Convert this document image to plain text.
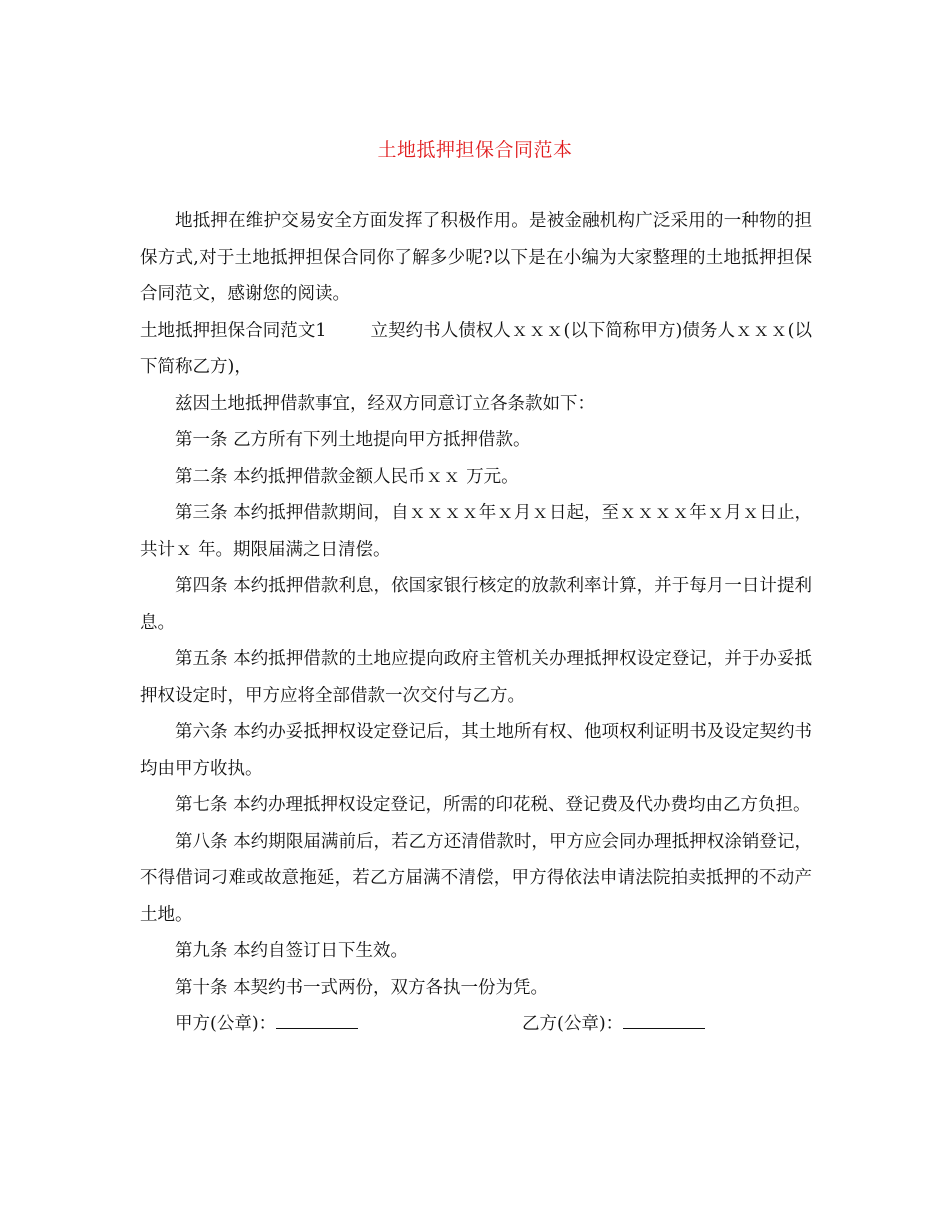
土地抵押担保合同范本

地抵押在维护交易安全方面发挥了积极作用。是被金融机构广泛采用的一种物的担保方式,对于土地抵押担保合同你了解多少呢?以下是在小编为大家整理的土地抵押担保合同范文，感谢您的阅读。

土地抵押担保合同范文1	立契约书人债权人ｘｘｘ(以下简称甲方)债务人ｘｘｘ(以下简称乙方)，

兹因土地抵押借款事宜，经双方同意订立各条款如下：

第一条 乙方所有下列土地提向甲方抵押借款。

第二条 本约抵押借款金额人民币ｘｘ 万元。

第三条 本约抵押借款期间，自ｘｘｘｘ年ｘ月ｘ日起，至ｘｘｘｘ年ｘ月ｘ日止，共计ｘ 年。期限届满之日清偿。

第四条 本约抵押借款利息，依国家银行核定的放款利率计算，并于每月一日计提利息。

第五条 本约抵押借款的土地应提向政府主管机关办理抵押权设定登记，并于办妥抵押权设定时，甲方应将全部借款一次交付与乙方。

第六条 本约办妥抵押权设定登记后，其土地所有权、他项权利证明书及设定契约书均由甲方收执。

第七条 本约办理抵押权设定登记，所需的印花税、登记费及代办费均由乙方负担。

第八条 本约期限届满前后，若乙方还清借款时，甲方应会同办理抵押权涂销登记，不得借词刁难或故意拖延，若乙方届满不清偿，甲方得依法申请法院拍卖抵押的不动产土地。

第九条 本约自签订日下生效。

第十条 本契约书一式两份，双方各执一份为凭。

甲方(公章)：	乙方(公章)：
